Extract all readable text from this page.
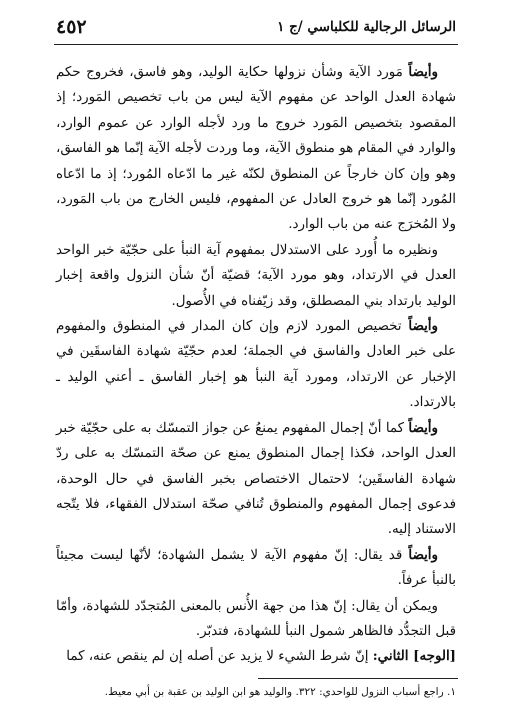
الرسائل الرجالية للكلباسي /ج ١
٤٥٢

وأيضاً مَورد الآية وشأن نزولها حكاية الوليد، وهو فاسق، فخروج حكم شهادة العدل الواحد عن مفهوم الآية ليس من باب تخصيص المَورد؛ إذ المقصود بتخصيص المَورد خروج ما ورد لأجله الوارد عن عموم الوارد، والوارد في المقام هو منطوق الآية، وما وردت لأجله الآية إنّما هو الفاسق، وهو وإن كان خارجاً عن المنطوق لكنّه غير ما ادّعاه المُورد؛ إذ ما ادّعاه المُورد إنّما هو خروج العادل عن المفهوم، فليس الخارج من باب المَورد، ولا المُخرَج عنه من باب الوارد.

ونظيره ما أُورد على الاستدلال بمفهوم آية النبأ على حجّيّة خبر الواحد العدل في الارتداد، وهو مورد الآية؛ قضيّة أنّ شأن النزول واقعة إخبار الوليد بارتداد بني المصطلق، وقد زيّفناه في الأُصول.

وأيضاً تخصيص المورد لازم وإن كان المدار في المنطوق والمفهوم على خبر العادل والفاسق في الجملة؛ لعدم حجّيّة شهادة الفاسقَين في الإخبار عن الارتداد، ومورد آية النبأ هو إخبار الفاسق ـ أعني الوليد ـ بالارتداد.

وأيضاً كما أنّ إجمال المفهوم يمنعُ عن جواز التمسّك به على حجّيّة خبر العدل الواحد، فكذا إجمال المنطوق يمنع عن صحّة التمسّك به على ردّ شهادة الفاسقَين؛ لاحتمال الاختصاص بخبر الفاسق في حال الوحدة، فدعوى إجمال المفهوم والمنطوق تُنافي صحّة استدلال الفقهاء، فلا يتّجه الاستناد إليه.

وأيضاً قد يقال: إنّ مفهوم الآية لا يشمل الشهادة؛ لأنّها ليست مجيئاً بالنبأ عرفاً.

ويمكن أن يقال: إنّ هذا من جهة الأُنس بالمعنى المُتجدّد للشهادة، وأمّا قبل التجدُّد فالظاهر شمول النبأ للشهادة، فتدبّر.

[الوجه] الثاني: إنّ شرط الشيء لا يزيد عن أصله إن لم ينقص عنه، كما

١. راجع أسباب النزول للواحدي: ٣٢٢. والوليد هو ابن الوليد بن عقبة بن أبي معيط.
